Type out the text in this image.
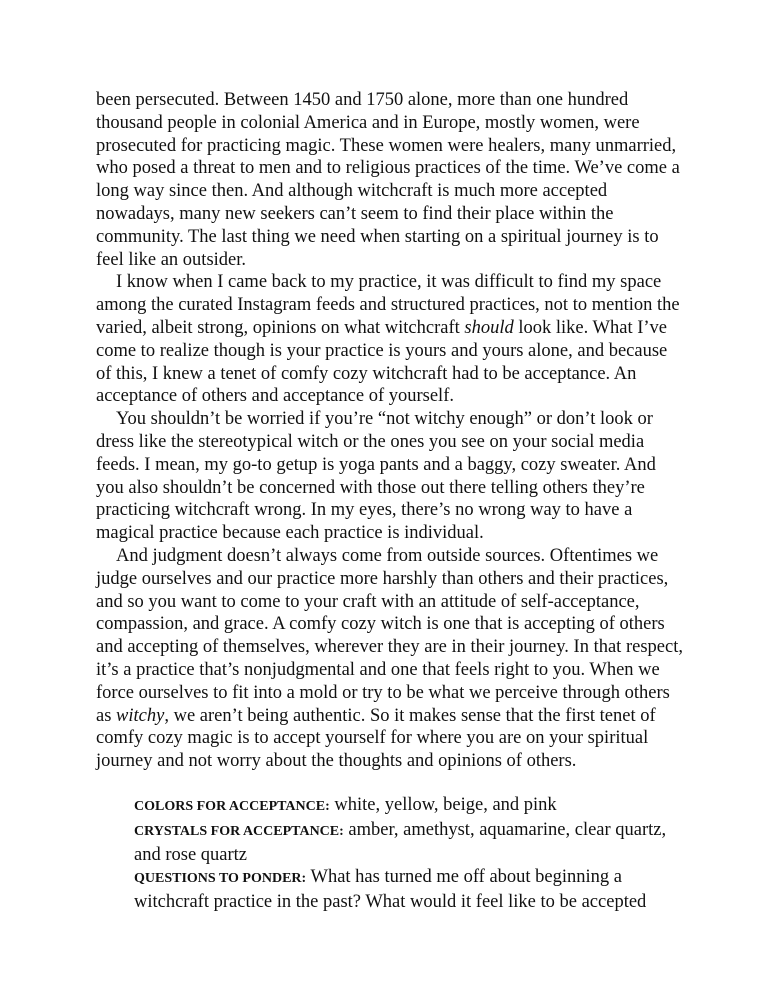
been persecuted. Between 1450 and 1750 alone, more than one hundred thousand people in colonial America and in Europe, mostly women, were prosecuted for practicing magic. These women were healers, many unmarried, who posed a threat to men and to religious practices of the time. We’ve come a long way since then. And although witchcraft is much more accepted nowadays, many new seekers can’t seem to find their place within the community. The last thing we need when starting on a spiritual journey is to feel like an outsider.

I know when I came back to my practice, it was difficult to find my space among the curated Instagram feeds and structured practices, not to mention the varied, albeit strong, opinions on what witchcraft should look like. What I’ve come to realize though is your practice is yours and yours alone, and because of this, I knew a tenet of comfy cozy witchcraft had to be acceptance. An acceptance of others and acceptance of yourself.

You shouldn’t be worried if you’re “not witchy enough” or don’t look or dress like the stereotypical witch or the ones you see on your social media feeds. I mean, my go-to getup is yoga pants and a baggy, cozy sweater. And you also shouldn’t be concerned with those out there telling others they’re practicing witchcraft wrong. In my eyes, there’s no wrong way to have a magical practice because each practice is individual.

And judgment doesn’t always come from outside sources. Oftentimes we judge ourselves and our practice more harshly than others and their practices, and so you want to come to your craft with an attitude of self-acceptance, compassion, and grace. A comfy cozy witch is one that is accepting of others and accepting of themselves, wherever they are in their journey. In that respect, it’s a practice that’s nonjudgmental and one that feels right to you. When we force ourselves to fit into a mold or try to be what we perceive through others as witchy, we aren’t being authentic. So it makes sense that the first tenet of comfy cozy magic is to accept yourself for where you are on your spiritual journey and not worry about the thoughts and opinions of others.

COLORS FOR ACCEPTANCE: white, yellow, beige, and pink

CRYSTALS FOR ACCEPTANCE: amber, amethyst, aquamarine, clear quartz, and rose quartz

QUESTIONS TO PONDER: What has turned me off about beginning a witchcraft practice in the past? What would it feel like to be accepted
